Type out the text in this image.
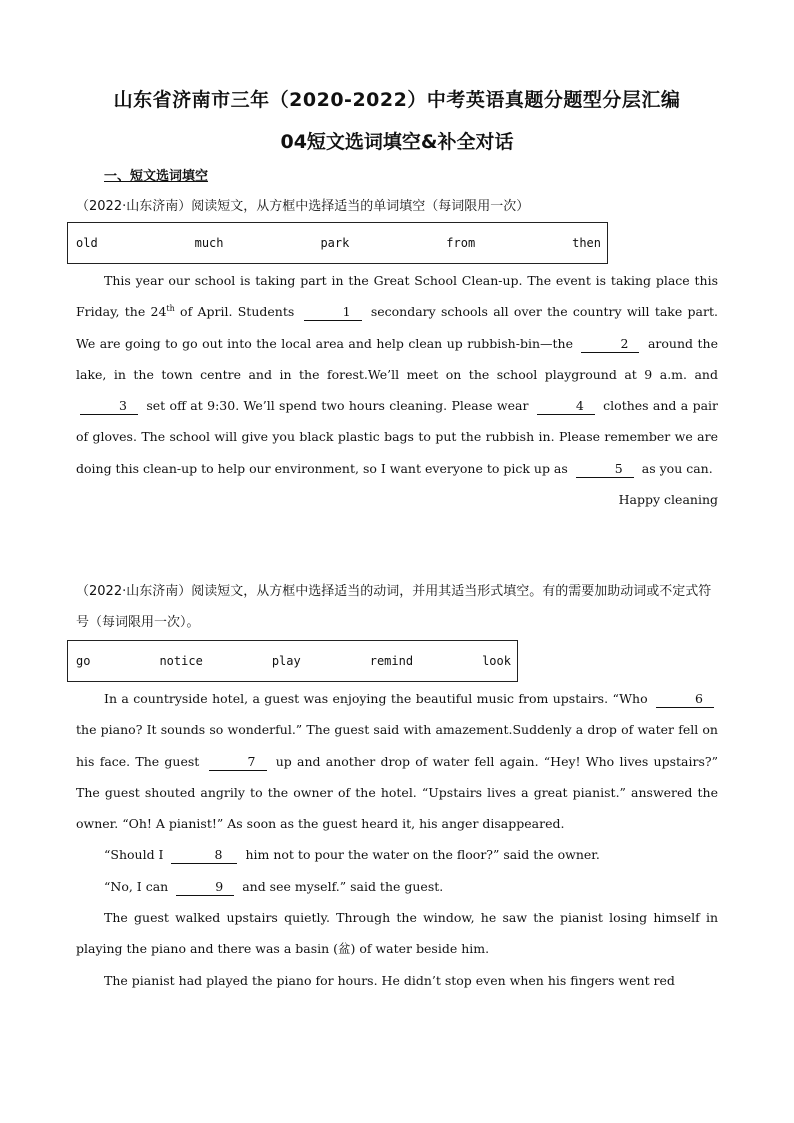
山东省济南市三年（2020-2022）中考英语真题分题型分层汇编
04短文选词填空&补全对话
一、短文选词填空
（2022·山东济南）阅读短文，从方框中选择适当的单词填空（每词限用一次）
old	much	park	from	then

This year our school is taking part in the Great School Clean-up. The event is taking place this Friday, the 24th of April. Students	1 secondary schools all over the country will take part. We are going to go out into the local area and help clean up rubbish-bin—the	2 around the lake, in the town centre and in the forest.We’ll meet on the school playground at 9 a.m. and 3 set off at 9:30. We’ll spend two hours cleaning. Please wear	4 clothes and a pair of gloves. The school will give you black plastic bags to put the rubbish in. Please remember we are doing this clean-up to help our environment, so I want everyone to pick up as	5 as you can.

Happy cleaning

（2022·山东济南）阅读短文，从方框中选择适当的动词，并用其适当形式填空。有的需要加助动词或不定式符号（每词限用一次）。
go	notice	play	remind	look

In a countryside hotel, a guest was enjoying the beautiful music from upstairs. “Who	6 the piano? It sounds so wonderful.” The guest said with amazement.Suddenly a drop of water fell on his face. The guest	7 up and another drop of water fell again. “Hey! Who lives upstairs?” The guest shouted angrily to the owner of the hotel. “Upstairs lives a great pianist.” answered the owner. “Oh! A pianist!” As soon as the guest heard it, his anger disappeared.

“Should I	8 him not to pour the water on the floor?” said the owner.

“No, I can	9 and see myself.” said the guest.

The guest walked upstairs quietly. Through the window, he saw the pianist losing himself in playing the piano and there was a basin (盆) of water beside him.

The pianist had played the piano for hours. He didn’t stop even when his fingers went red
